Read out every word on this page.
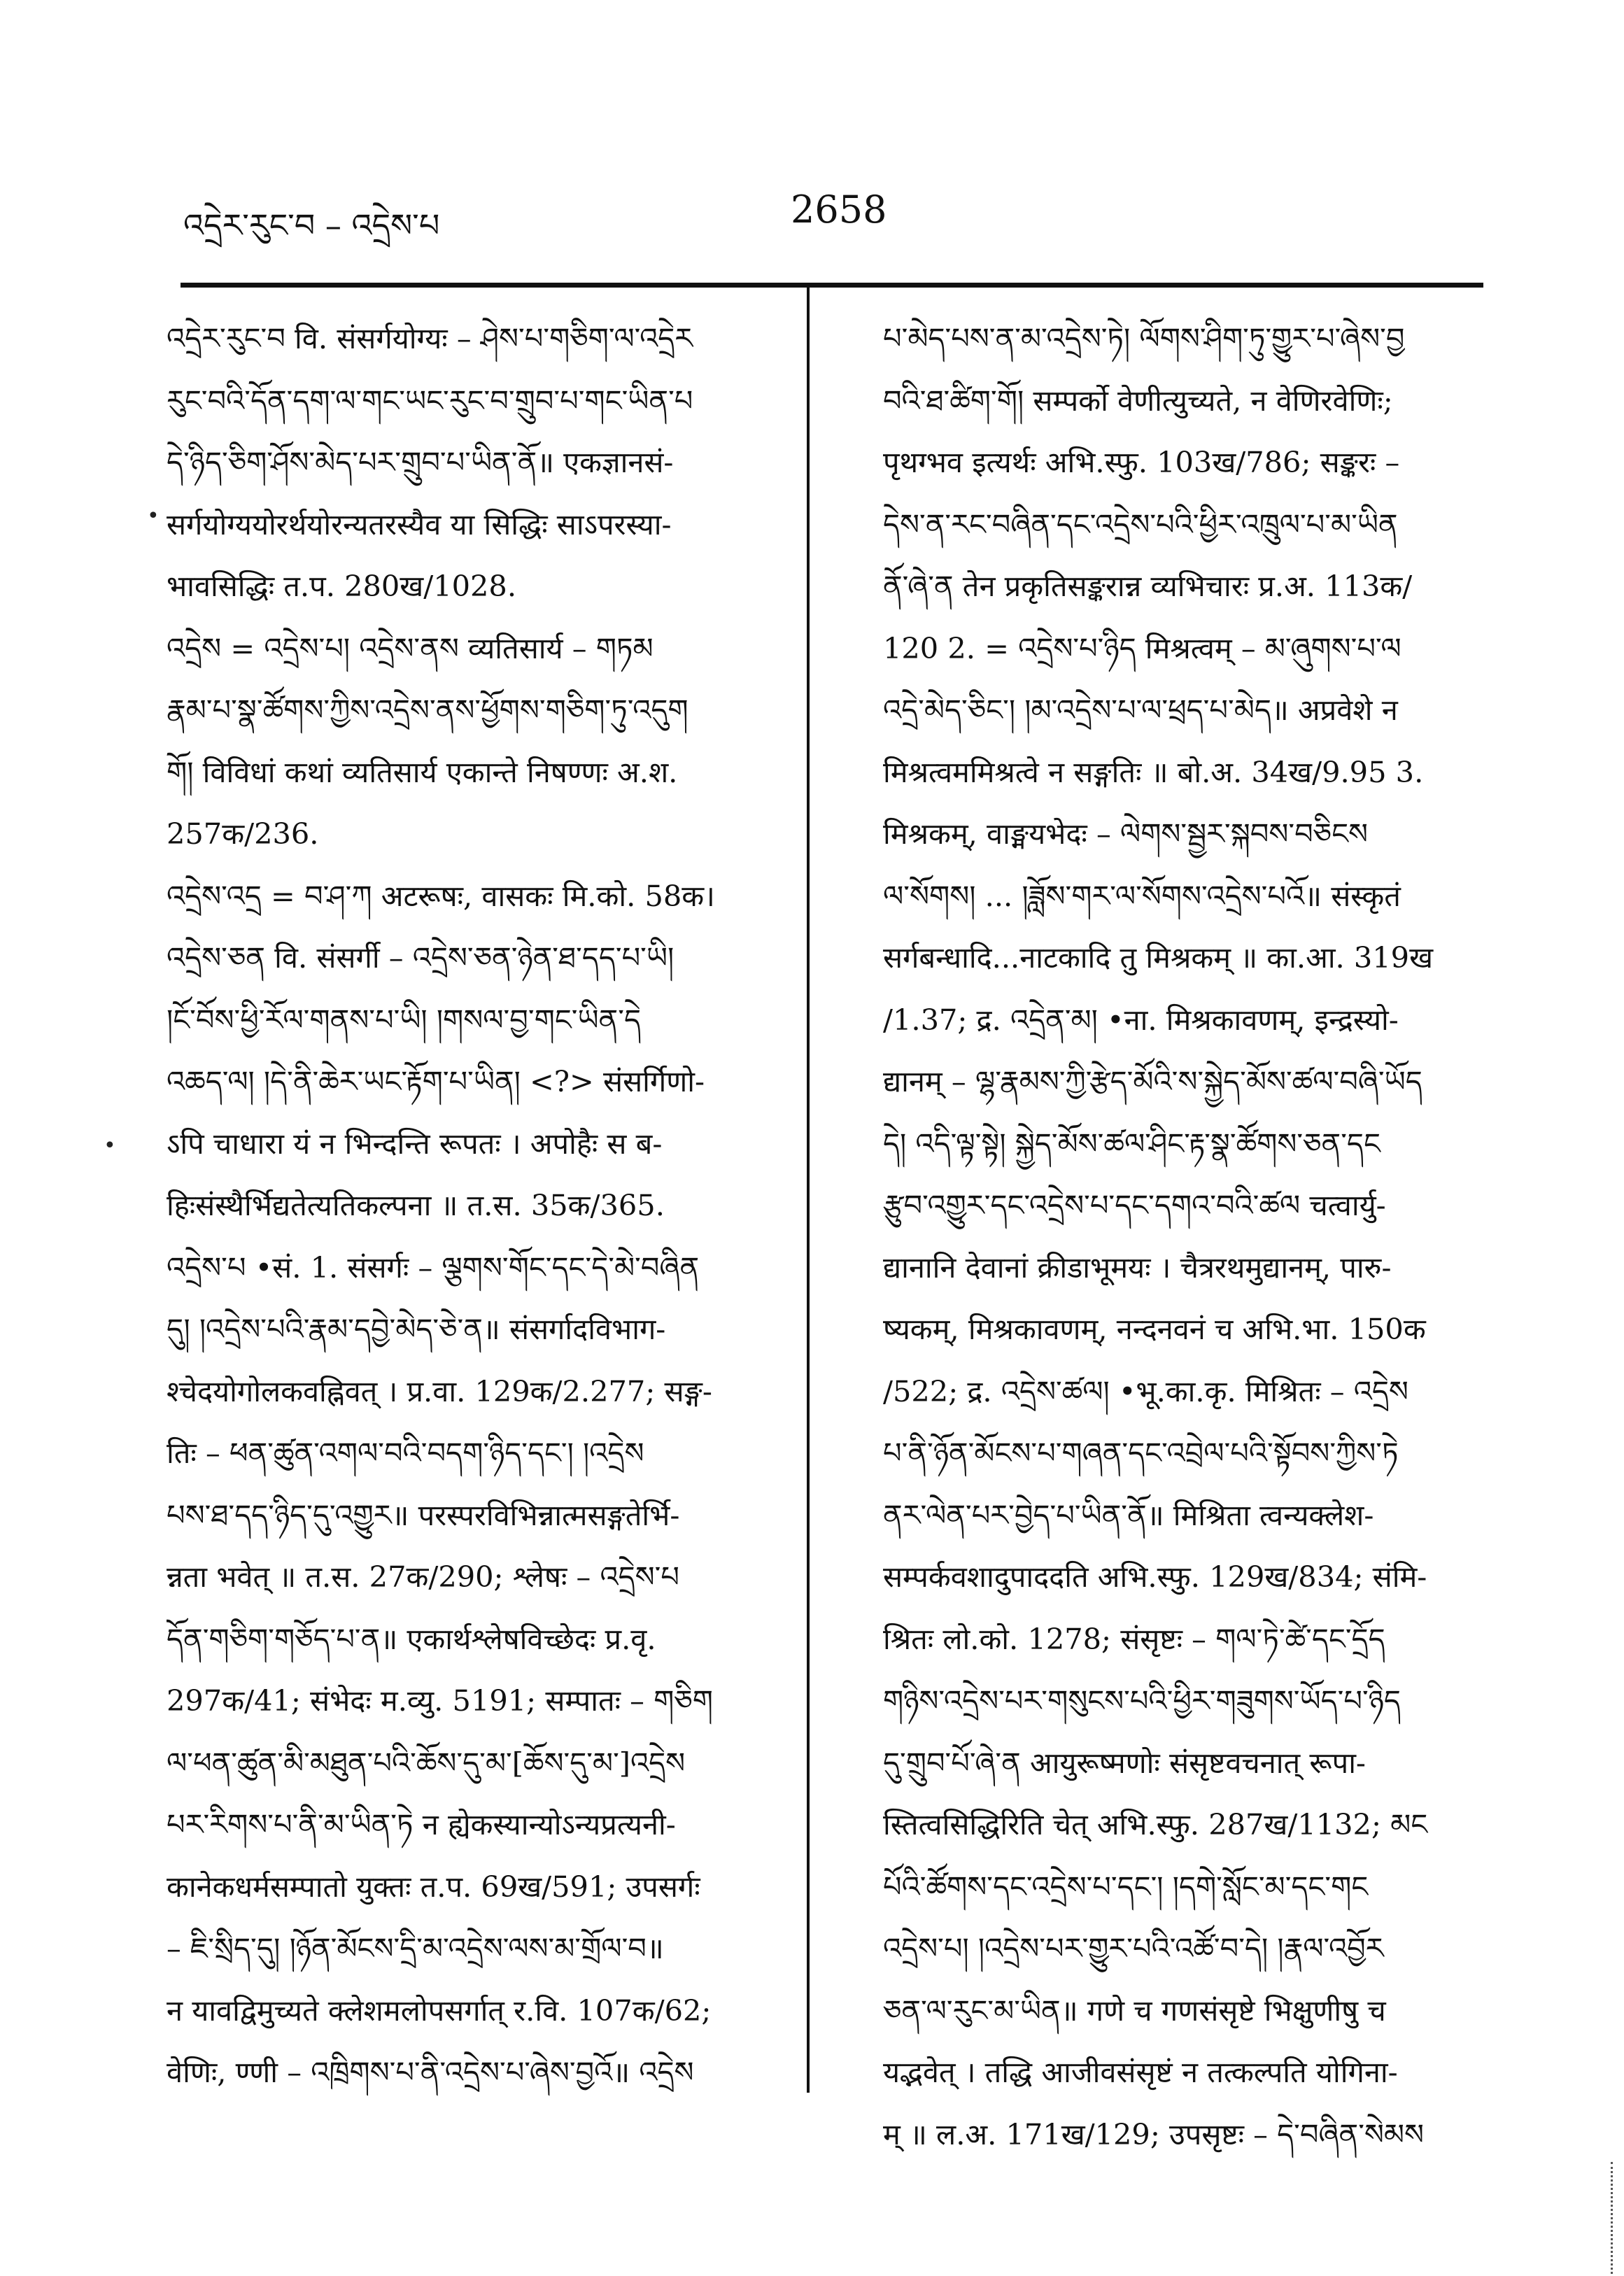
འདྲེར་རུང་བ – འདྲེས་པ	2658
འདྲེར་རུང་བ वि. संसर्गयोग्यः – ཤེས་པ་གཅིག་ལ་འདྲེར
རུང་བའི་དོན་དག་ལ་གང་ཡང་རུང་བ་གྲུབ་པ་གང་ཡིན་པ
དེ་ཉིད་ཅིག་ཤོས་མེད་པར་གྲུབ་པ་ཡིན་ནོ॥ एकज्ञानसं-
सर्गयोग्ययोरर्थयोरन्यतरस्यैव या सिद्धिः साऽपरस्या-
भावसिद्धिः त.प. 280ख/1028.
འདྲེས = འདྲེས་པ། འདྲེས་ནས व्यतिसार्य – གཏམ
རྣམ་པ་སྣ་ཚོགས་ཀྱིས་འདྲེས་ནས་ཕྱོགས་གཅིག་ཏུ་འདུག
གོ། विविधां कथां व्यतिसार्य एकान्ते निषण्णः अ.श.
257क/236.
འདྲེས་འདྲ = བ་ཤ་ཀ अटरूषः, वासकः मि.को. 58क।
འདྲེས་ཅན वि. संसर्गी – འདྲེས་ཅན་ཉེན་ཐ་དད་པ་ཡི།
།ངོ་བོས་ཕྱི་རོལ་གནས་པ་ཡི། །གསལ་བྱ་གང་ཡིན་དེ
འཆད་ལ། །དེ་ནི་ཆེར་ཡང་རྟོག་པ་ཡིན། <?> संसर्गिणो-
ऽपि चाधारा यं न भिन्दन्ति रूपतः । अपोहैः स ब-
हिःसंस्थैर्भिद्यतेत्यतिकल्पना ॥ त.स. 35क/365.
འདྲེས་པ •सं. 1. संसर्गः – ལྕགས་གོང་དང་དེ་མེ་བཞིན
དུ། །འདྲེས་པའི་རྣམ་དབྱེ་མེད་ཅེ་ན॥ संसर्गादविभाग-
श्चेदयोगोलकवह्निवत् । प्र.वा. 129क/2.277; सङ्ग-
तिः – ཕན་ཚུན་འགལ་བའི་བདག་ཉིད་དང་། །འདྲེས
པས་ཐ་དད་ཉིད་དུ་འགྱུར॥ परस्परविभिन्नात्मसङ्गतेर्भि-
न्नता भवेत् ॥ त.स. 27क/290; श्लेषः – འདྲེས་པ
དོན་གཅིག་གཅོད་པ་ན॥ एकार्थश्लेषविच्छेदः प्र.वृ.
297क/41; संभेदः म.व्यु. 5191; सम्पातः – གཅིག
ལ་ཕན་ཚུན་མི་མཐུན་པའི་ཆོས་དུ་མ་[ཆོས་དུ་མ་]འདྲེས
པར་རིགས་པ་ནི་མ་ཡིན་ཏེ न ह्येकस्यान्योऽन्यप्रत्यनी-
कानेकधर्मसम्पातो युक्तः त.प. 69ख/591; उपसर्गः
– ཇི་སྲིད་དུ། །ཉོན་མོངས་དྲི་མ་འདྲེས་ལས་མ་གྲོལ་བ॥
न यावद्विमुच्यते क्लेशमलोपसर्गात् र.वि. 107क/62;
वेणिः, ण्णी – འཁྲིགས་པ་ནི་འདྲེས་པ་ཞེས་བྱའོ॥ འདྲེས
པ་མེད་པས་ན་མ་འདྲེས་ཏེ། ལོགས་ཤིག་ཏུ་གྱུར་པ་ཞེས་བྱ
བའི་ཐ་ཚིག་གོ། सम्पर्को वेणीत्युच्यते, न वेणिरवेणिः;
पृथग्भव इत्यर्थः अभि.स्फु. 103ख/786; सङ्करः –
དེས་ན་རང་བཞིན་དང་འདྲེས་པའི་ཕྱིར་འཁྲུལ་པ་མ་ཡིན
ནོ་ཞེ་ན तेन प्रकृतिसङ्करान्न व्यभिचारः प्र.अ. 113क/
120 2. = འདྲེས་པ་ཉིད मिश्रत्वम् – མ་ཞུགས་པ་ལ
འདྲེ་མེད་ཅིང་། །མ་འདྲེས་པ་ལ་ཕྲད་པ་མེད॥ अप्रवेशे न
मिश्रत्वममिश्रत्वे न सङ्गतिः ॥ बो.अ. 34ख/9.95 3.
मिश्रकम्, वाङ्मयभेदः – ལེགས་སྦྱར་སྐབས་བཅིངས
ལ་སོགས། ... །ཟློས་གར་ལ་སོགས་འདྲེས་པའོ॥ संस्कृतं
सर्गबन्धादि...नाटकादि तु मिश्रकम् ॥ का.आ. 319ख
/1.37; द्र. འདྲེན་མ། •ना. मिश्रकावणम्, इन्द्रस्यो-
द्यानम् – ལྷ་རྣམས་ཀྱི་རྩེད་མོའི་ས་སྐྱེད་མོས་ཚལ་བཞི་ཡོད
དེ། འདི་ལྟ་སྟེ། སྐྱེད་མོས་ཚལ་ཤིང་རྟ་སྣ་ཚོགས་ཅན་དང
རྩུབ་འགྱུར་དང་འདྲེས་པ་དང་དགའ་བའི་ཚལ चत्वार्यु-
द्यानानि देवानां क्रीडाभूमयः । चैत्ररथमुद्यानम्, पारु-
ष्यकम्, मिश्रकावणम्, नन्दनवनं च अभि.भा. 150क
/522; द्र. འདྲེས་ཚལ། •भू.का.कृ. मिश्रितः – འདྲེས
པ་ནི་ཉོན་མོངས་པ་གཞན་དང་འབྲེལ་པའི་སྟོབས་ཀྱིས་ཏེ
ནར་ལེན་པར་བྱེད་པ་ཡིན་ནོ॥ मिश्रिता त्वन्यक्लेश-
सम्पर्कवशादुपाददति अभि.स्फु. 129ख/834; संमि-
श्रितः लो.को. 1278; संसृष्टः – གལ་ཏེ་ཚེ་དང་དྲོད
གཉིས་འདྲེས་པར་གསུངས་པའི་ཕྱིར་གཟུགས་ཡོད་པ་ཉིད
དུ་གྲུབ་པོ་ཞེ་ན आयुरूष्मणोः संसृष्टवचनात् रूपा-
स्तित्वसिद्धिरिति चेत् अभि.स्फु. 287ख/1132; མང
པོའི་ཚོགས་དང་འདྲེས་པ་དང་། །དགེ་སློང་མ་དང་གང
འདྲེས་པ། །འདྲེས་པར་གྱུར་པའི་འཚོ་བ་དེ། །རྣལ་འབྱོར
ཅན་ལ་རུང་མ་ཡིན॥ गणे च गणसंसृष्टे भिक्षुणीषु च
यद्भवेत् । तद्धि आजीवसंसृष्टं न तत्कल्पति योगिना-
म् ॥ ल.अ. 171ख/129; उपसृष्टः – དེ་བཞིན་སེམས
•
•
